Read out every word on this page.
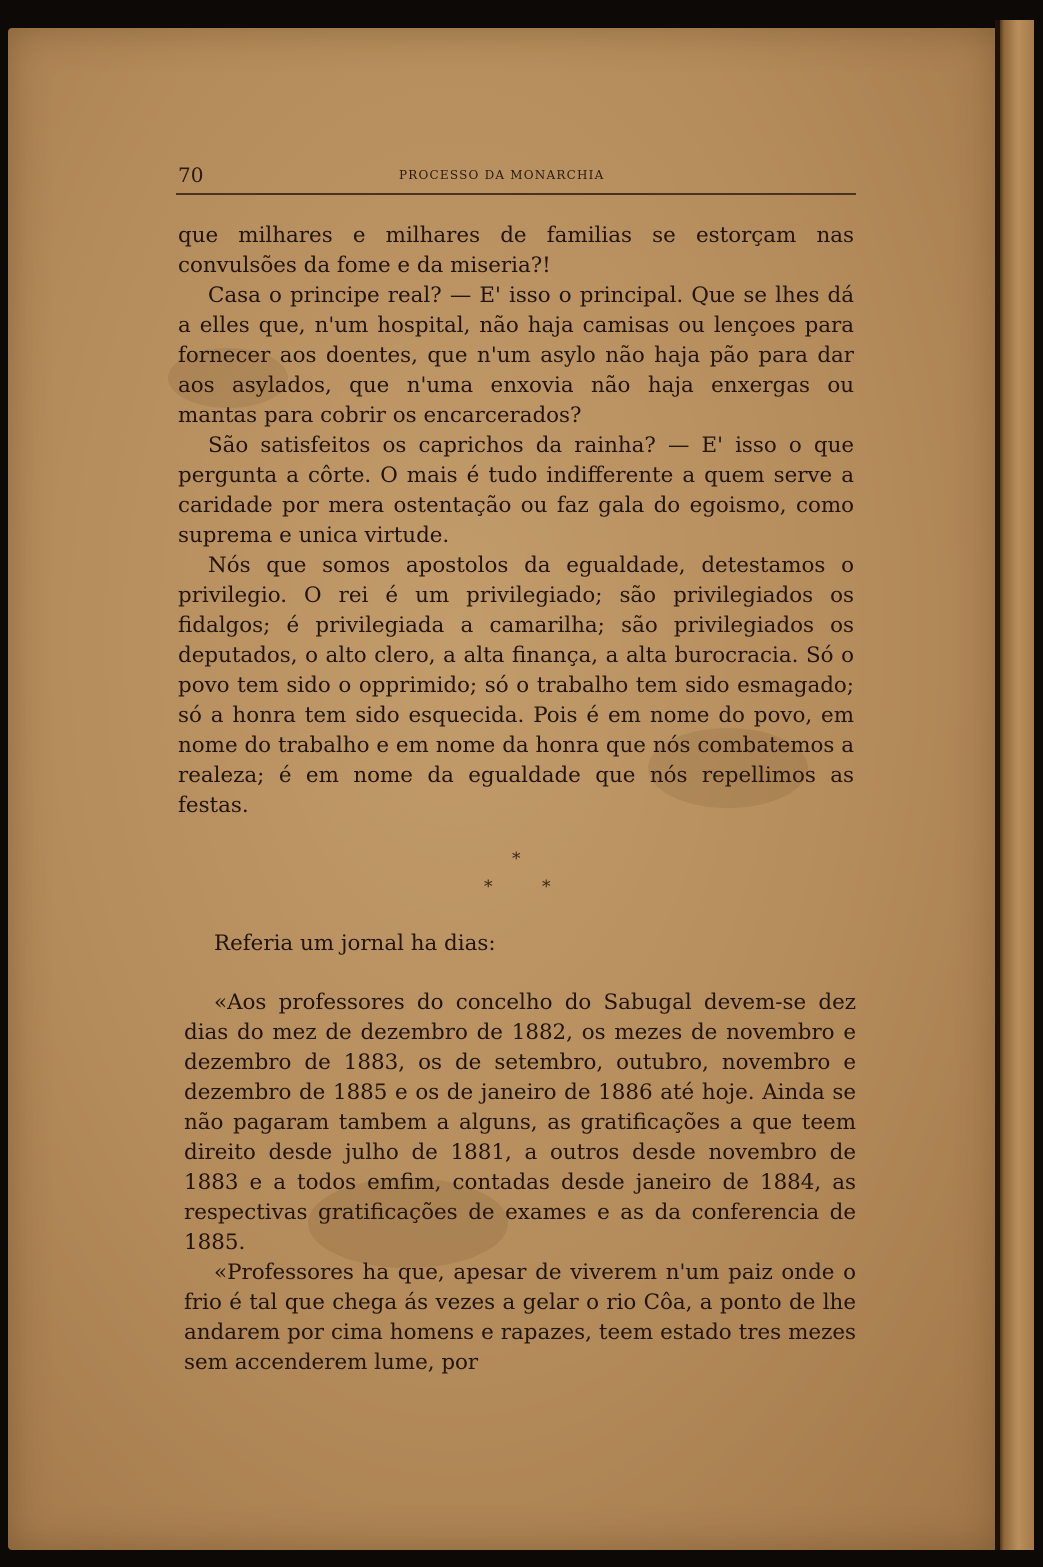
70	PROCESSO DA MONARCHIA

que milhares e milhares de familias se estorçam nas convulsões da fome e da miseria?!

Casa o principe real? — E' isso o principal. Que se lhes dá a elles que, n'um hospital, não haja camisas ou lençoes para fornecer aos doentes, que n'um asylo não haja pão para dar aos asylados, que n'uma enxovia não haja enxergas ou mantas para cobrir os encarcerados?

São satisfeitos os caprichos da rainha? — E' isso o que pergunta a côrte. O mais é tudo indifferente a quem serve a caridade por mera ostentação ou faz gala do egoismo, como suprema e unica virtude.

Nós que somos apostolos da egualdade, detestamos o privilegio. O rei é um privilegiado; são privilegiados os fidalgos; é privilegiada a camarilha; são privilegiados os deputados, o alto clero, a alta finança, a alta burocracia. Só o povo tem sido o opprimido; só o trabalho tem sido esmagado; só a honra tem sido esquecida. Pois é em nome do povo, em nome do trabalho e em nome da honra que nós combatemos a realeza; é em nome da egualdade que nós repellimos as festas.

*
*	*
Referia um jornal ha dias:

«Aos professores do concelho do Sabugal devem-se dez dias do mez de dezembro de 1882, os mezes de novembro e dezembro de 1883, os de setembro, outubro, novembro e dezembro de 1885 e os de janeiro de 1886 até hoje. Ainda se não pagaram tambem a alguns, as gratificações a que teem direito desde julho de 1881, a outros desde novembro de 1883 e a todos emfim, contadas desde janeiro de 1884, as respectivas gratificações de exames e as da conferencia de 1885.

«Professores ha que, apesar de viverem n'um paiz onde o frio é tal que chega ás vezes a gelar o rio Côa, a ponto de lhe andarem por cima homens e rapazes, teem estado tres mezes sem accenderem lume, por
